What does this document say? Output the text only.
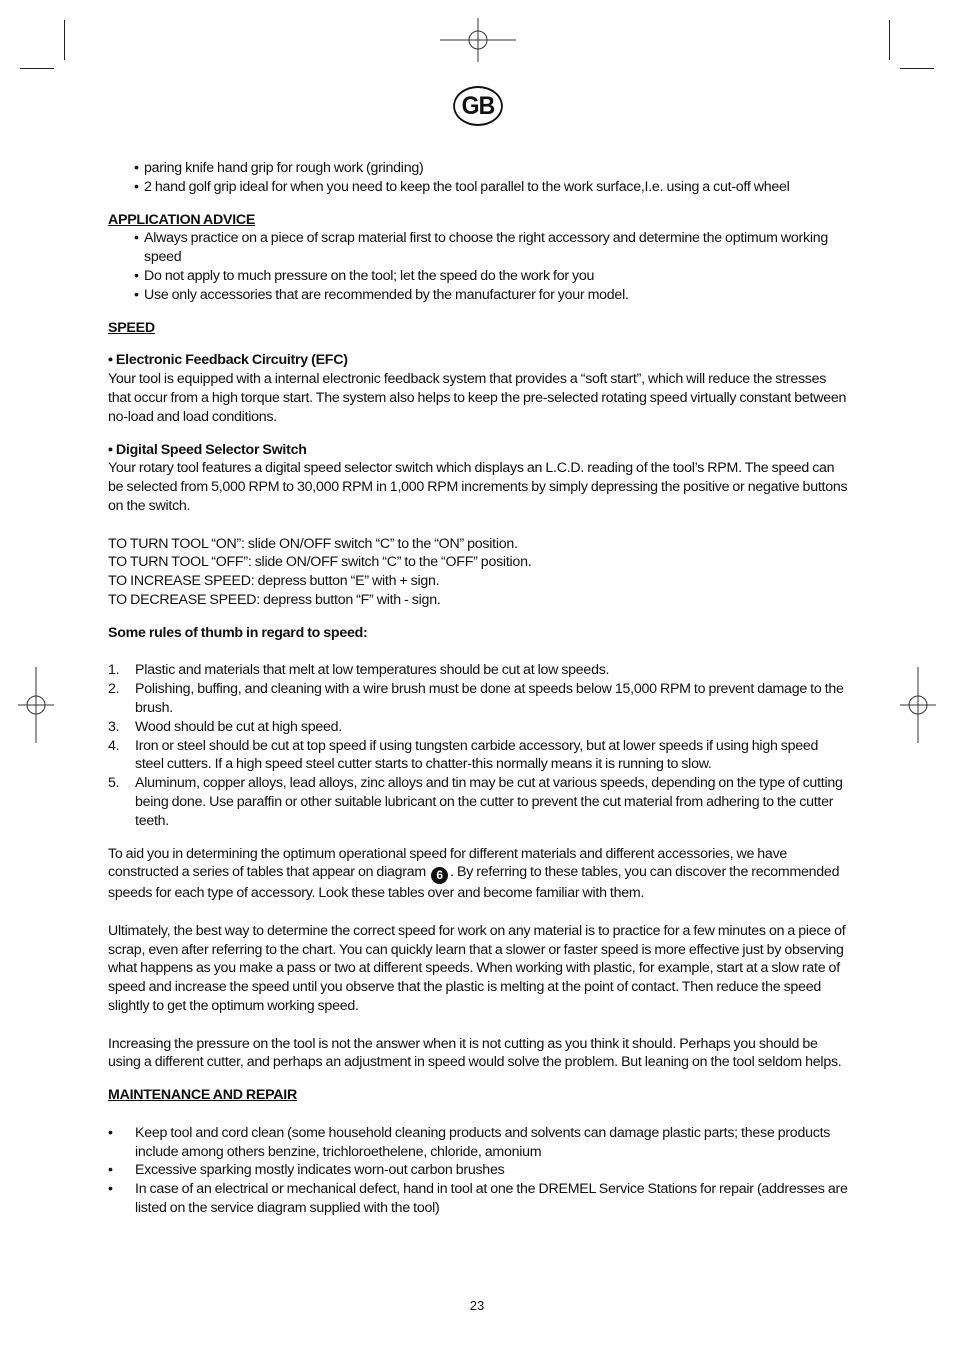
GB

• paring knife hand grip for rough work (grinding)

• 2 hand golf grip ideal for when you need to keep the tool parallel to the work surface,I.e. using a cut-off wheel

APPLICATION ADVICE

• Always practice on a piece of scrap material first to choose the right accessory and determine the optimum working speed

• Do not apply to much pressure on the tool; let the speed do the work for you

• Use only accessories that are recommended by the manufacturer for your model.

SPEED

• Electronic Feedback Circuitry (EFC)

Your tool is equipped with a internal electronic feedback system that provides a “soft start”, which will reduce the stresses that occur from a high torque start. The system also helps to keep the pre-selected rotating speed virtually constant between no-load and load conditions.

• Digital Speed Selector Switch

Your rotary tool features a digital speed selector switch which displays an L.C.D. reading of the tool’s RPM. The speed can be selected from 5,000 RPM to 30,000 RPM in 1,000 RPM increments by simply depressing the positive or negative buttons on the switch.

TO TURN TOOL “ON”: slide ON/OFF switch “C” to the “ON” position.

TO TURN TOOL “OFF”: slide ON/OFF switch “C” to the “OFF” position.

TO INCREASE SPEED: depress button “E” with + sign.

TO DECREASE SPEED: depress button “F” with - sign.

Some rules of thumb in regard to speed:

1. Plastic and materials that melt at low temperatures should be cut at low speeds.

2. Polishing, buffing, and cleaning with a wire brush must be done at speeds below 15,000 RPM to prevent damage to the brush.

3. Wood should be cut at high speed.

4. Iron or steel should be cut at top speed if using tungsten carbide accessory, but at lower speeds if using high speed steel cutters. If a high speed steel cutter starts to chatter-this normally means it is running to slow.

5. Aluminum, copper alloys, lead alloys, zinc alloys and tin may be cut at various speeds, depending on the type of cutting being done. Use paraffin or other suitable lubricant on the cutter to prevent the cut material from adhering to the cutter teeth.

To aid you in determining the optimum operational speed for different materials and different accessories, we have constructed a series of tables that appear on diagram 6 . By referring to these tables, you can discover the recommended speeds for each type of accessory. Look these tables over and become familiar with them.

Ultimately, the best way to determine the correct speed for work on any material is to practice for a few minutes on a piece of scrap, even after referring to the chart. You can quickly learn that a slower or faster speed is more effective just by observing what happens as you make a pass or two at different speeds. When working with plastic, for example, start at a slow rate of speed and increase the speed until you observe that the plastic is melting at the point of contact. Then reduce the speed slightly to get the optimum working speed.

Increasing the pressure on the tool is not the answer when it is not cutting as you think it should. Perhaps you should be using a different cutter, and perhaps an adjustment in speed would solve the problem. But leaning on the tool seldom helps.

MAINTENANCE AND REPAIR

• Keep tool and cord clean (some household cleaning products and solvents can damage plastic parts; these products include among others benzine, trichloroethelene, chloride, amonium

• Excessive sparking mostly indicates worn-out carbon brushes

• In case of an electrical or mechanical defect, hand in tool at one the DREMEL Service Stations for repair (addresses are listed on the service diagram supplied with the tool)

23
